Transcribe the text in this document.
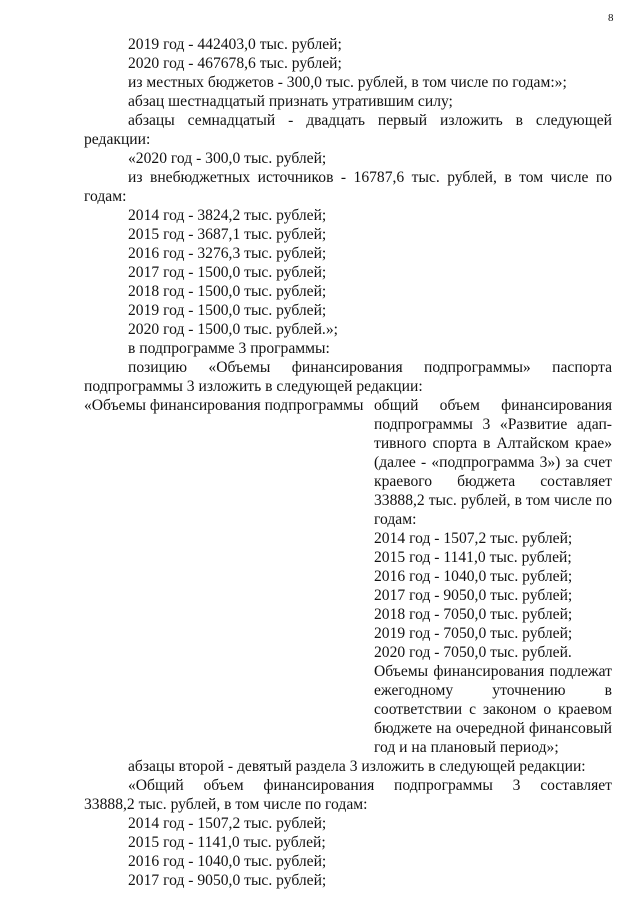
8
2019 год - 442403,0 тыс. рублей;
2020 год - 467678,6 тыс. рублей;
из местных бюджетов - 300,0 тыс. рублей, в том числе по годам:»;
абзац шестнадцатый признать утратившим силу;
абзацы семнадцатый - двадцать первый изложить в следующей
редакции:
«2020 год - 300,0 тыс. рублей;
из внебюджетных источников - 16787,6 тыс. рублей, в том числе по
годам:
2014 год - 3824,2 тыс. рублей;
2015 год - 3687,1 тыс. рублей;
2016 год - 3276,3 тыс. рублей;
2017 год - 1500,0 тыс. рублей;
2018 год - 1500,0 тыс. рублей;
2019 год - 1500,0 тыс. рублей;
2020 год - 1500,0 тыс. рублей.»;
в подпрограмме 3 программы:
позицию «Объемы финансирования подпрограммы» паспорта
подпрограммы 3 изложить в следующей редакции:
«Объемы финансирования подпрограммы общий объем финансирования
подпрограммы 3 «Развитие адап-
тивного спорта в Алтайском крае»
(далее - «подпрограмма 3») за счет
краевого бюджета составляет
33888,2 тыс. рублей, в том числе по
годам:
2014 год - 1507,2 тыс. рублей;
2015 год - 1141,0 тыс. рублей;
2016 год - 1040,0 тыс. рублей;
2017 год - 9050,0 тыс. рублей;
2018 год - 7050,0 тыс. рублей;
2019 год - 7050,0 тыс. рублей;
2020 год - 7050,0 тыс. рублей.
Объемы финансирования подлежат
ежегодному уточнению в
соответствии с законом о краевом
бюджете на очередной финансовый
год и на плановый период»;
абзацы второй - девятый раздела 3 изложить в следующей редакции:
«Общий объем финансирования подпрограммы 3 составляет
33888,2 тыс. рублей, в том числе по годам:
2014 год - 1507,2 тыс. рублей;
2015 год - 1141,0 тыс. рублей;
2016 год - 1040,0 тыс. рублей;
2017 год - 9050,0 тыс. рублей;
